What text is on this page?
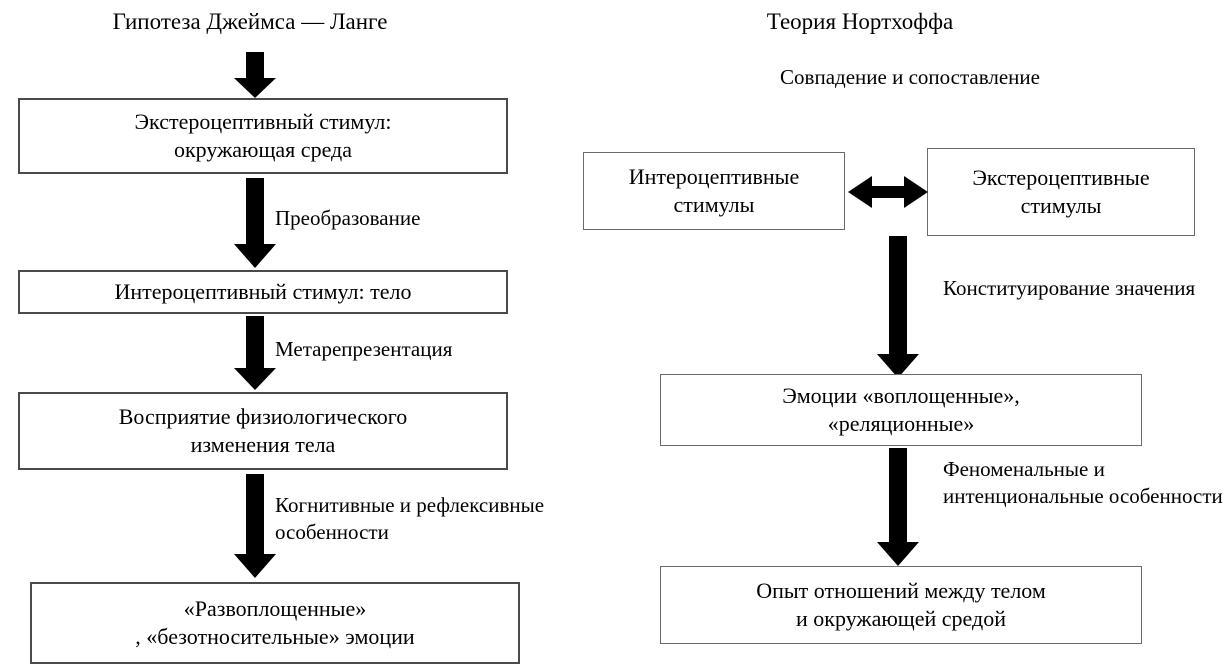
Гипотеза Джеймса — Ланге
Экстероцептивный стимул:
окружающая среда
Преобразование
Интероцептивный стимул: тело
Метарепрезентация
Восприятие физиологического
изменения тела
Когнитивные и рефлексивные особенности
«Развоплощенные»
, «безотносительные» эмоции
Теория Нортхоффа
Совпадение и сопоставление
Интероцептивные
стимулы
Экстероцептивные
стимулы
Конституирование значения
Эмоции «воплощенные»,
«реляционные»
Феноменальные и интенциональные особенности
Опыт отношений между телом
и окружающей средой
